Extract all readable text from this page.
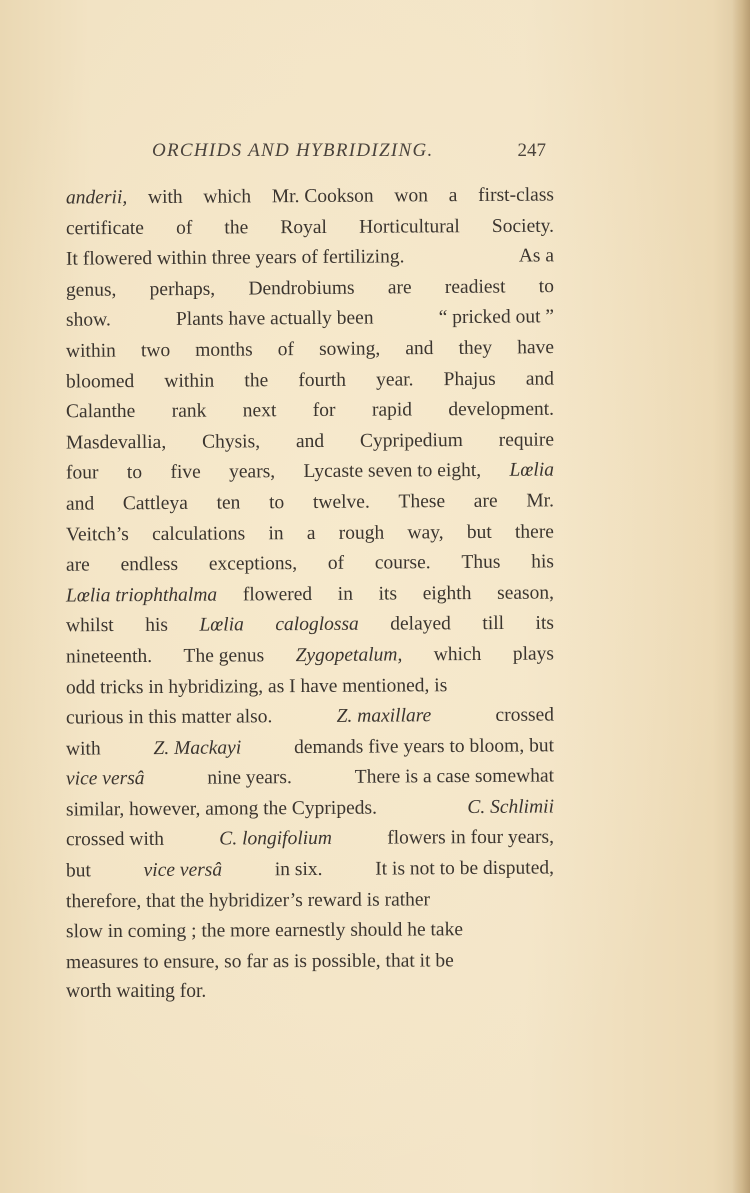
ORCHIDS AND HYBRIDIZING.	247
anderii, with which Mr. Cookson won a first-class
certificate of the Royal Horticultural Society.
It flowered within three years of fertilizing.	As a
genus, perhaps, Dendrobiums are readiest to
show.	Plants have actually been	“ pricked out ”
within two months of sowing, and they have
bloomed within the fourth year. Phajus and
Calanthe rank next for rapid development.
Masdevallia, Chysis, and Cypripedium require
four to five years, Lycaste seven to eight, Lœlia
and Cattleya ten to twelve. These are Mr.
Veitch’s calculations in a rough way, but there
are endless exceptions, of course. Thus his
Lœlia triophthalma flowered in its eighth season,
whilst his Lœlia caloglossa delayed till its
nineteenth. The genus Zygopetalum, which plays
odd tricks in hybridizing, as I have mentioned, is
curious in this matter also.	Z. maxillare	crossed
with	Z. Mackayi	demands five years to bloom, but
vice versâ	nine years.	There is a case somewhat
similar, however, among the Cypripeds.	C. Schlimii
crossed with	C. longifolium	flowers in four years,
but	vice versâ	in six.	It is not to be disputed,
therefore, that the hybridizer’s reward is rather
slow in coming ; the more earnestly should he take
measures to ensure, so far as is possible, that it be
worth waiting for.
